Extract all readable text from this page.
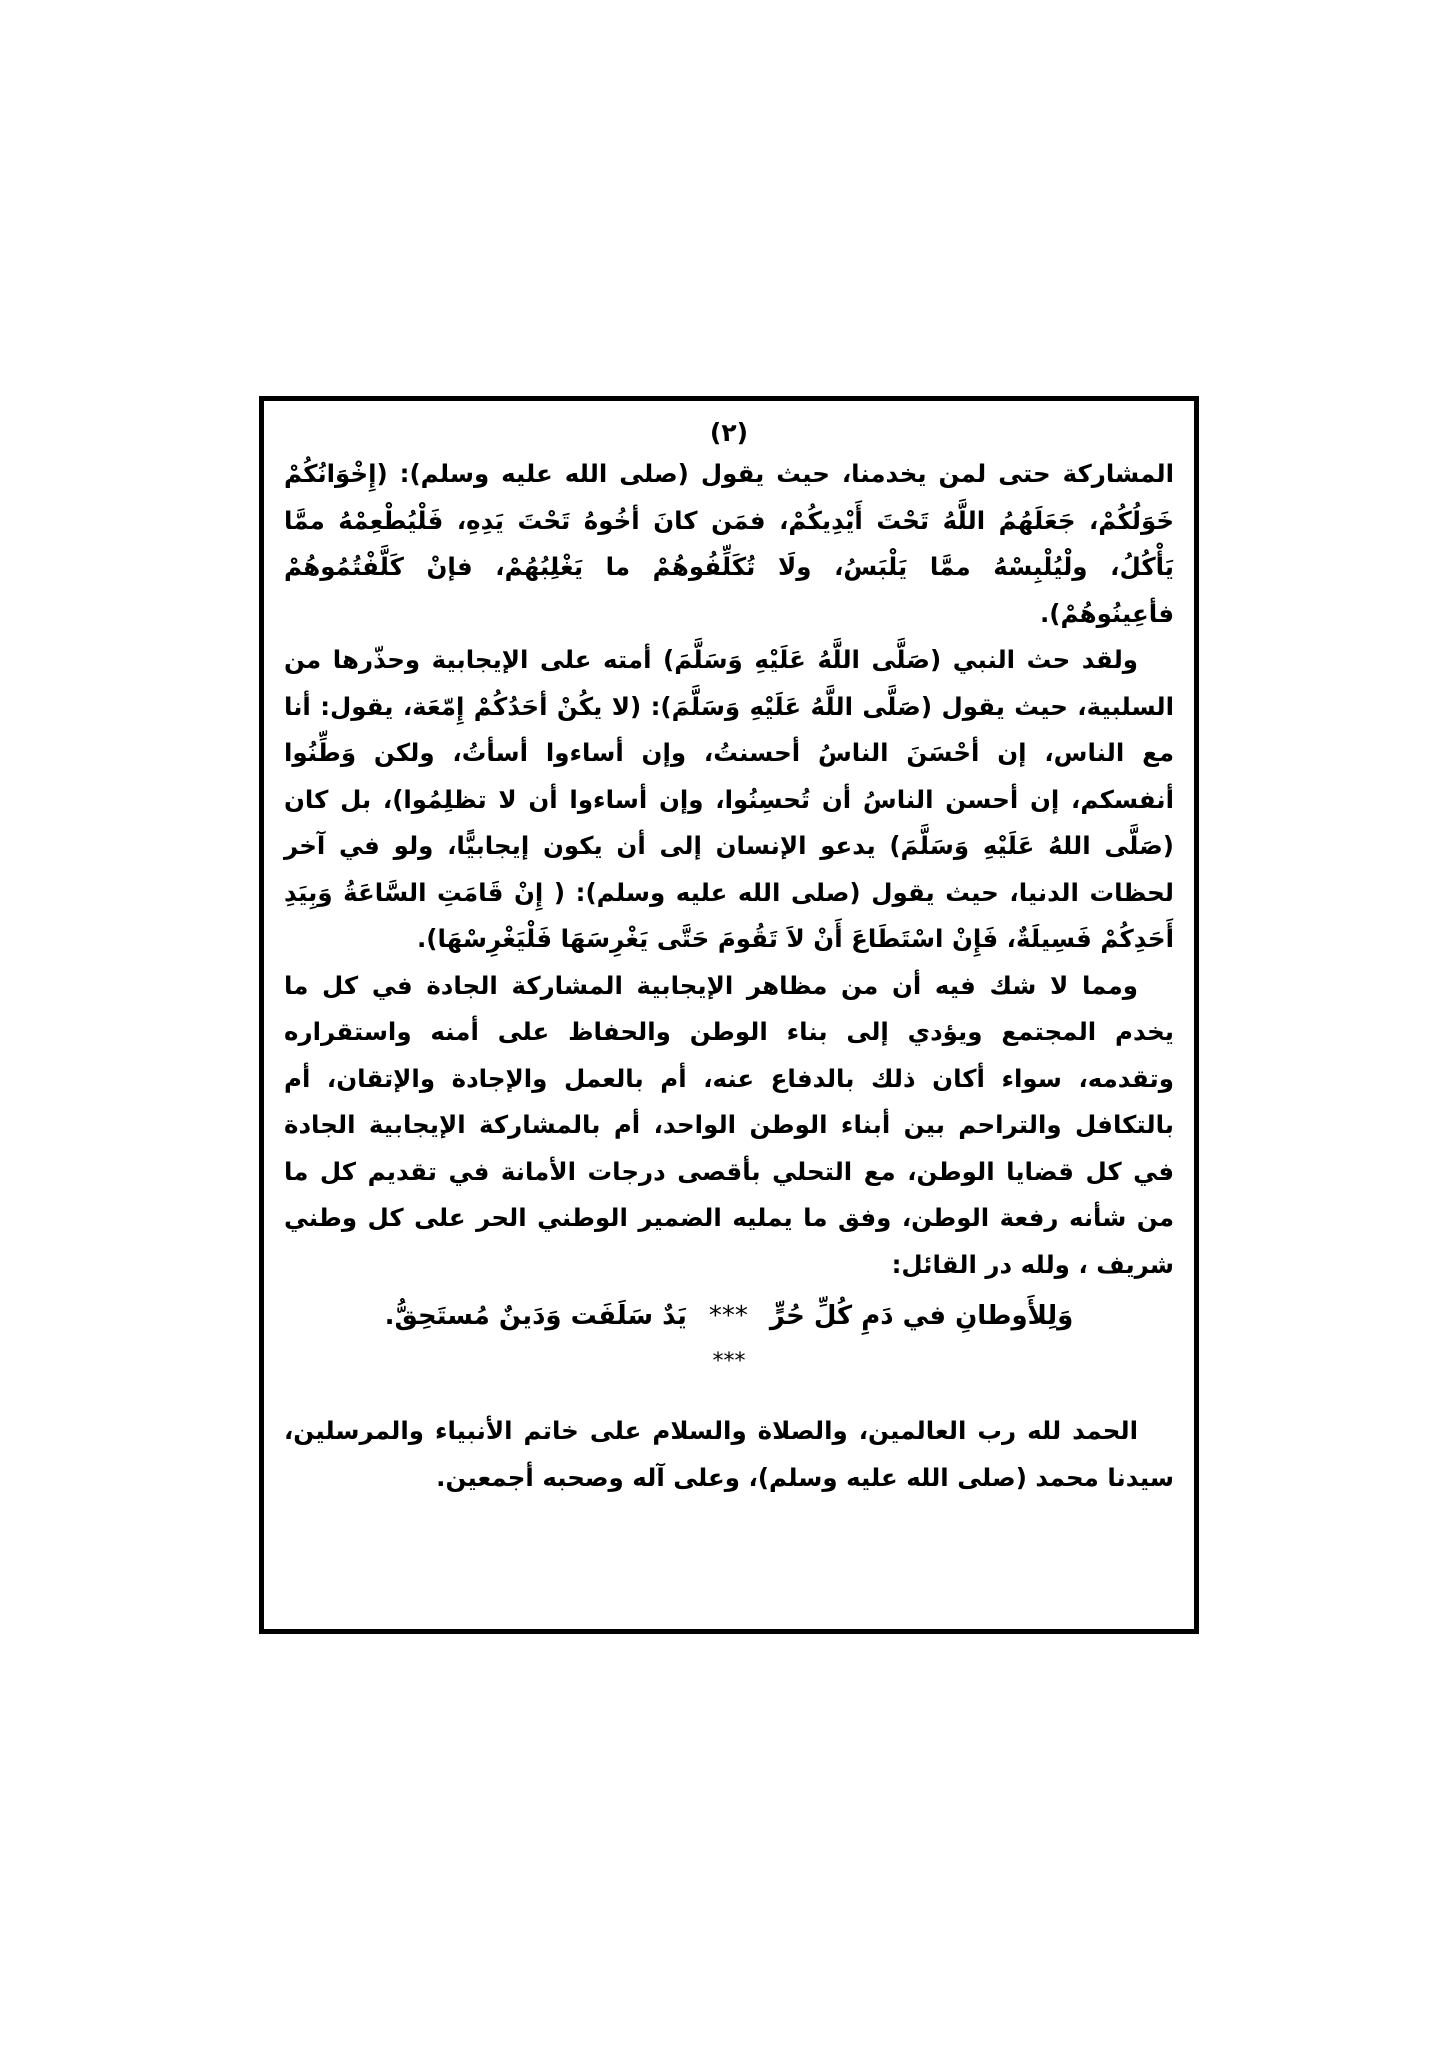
(٢)

المشاركة حتى لمن يخدمنا، حيث يقول (صلى الله عليه وسلم): (إِخْوَانُكُمْ خَوَلُكُمْ، جَعَلَهُمُ اللَّهُ تَحْتَ أَيْدِيكُمْ، فمَن كانَ أخُوهُ تَحْتَ يَدِهِ، فَلْيُطْعِمْهُ ممَّا يَأْكُلُ، ولْيُلْبِسْهُ ممَّا يَلْبَسُ، ولَا تُكَلِّفُوهُمْ ما يَغْلِبُهُمْ، فإنْ كَلَّفْتُمُوهُمْ فأعِينُوهُمْ).

ولقد حث النبي (صَلَّى اللَّهُ عَلَيْهِ وَسَلَّمَ) أمته على الإيجابية وحذّرها من السلبية، حيث يقول (صَلَّى اللَّهُ عَلَيْهِ وَسَلَّمَ): (لا يكُنْ أحَدُكُمْ إِمّعَة، يقول: أنا مع الناس، إن أحْسَنَ الناسُ أحسنتُ، وإن أساءوا أسأتُ، ولكن وَطِّنُوا أنفسكم، إن أحسن الناسُ أن تُحسِنُوا، وإن أساءوا أن لا تظلِمُوا)، بل كان (صَلَّى اللهُ عَلَيْهِ وَسَلَّمَ) يدعو الإنسان إلى أن يكون إيجابيًّا، ولو في آخر لحظات الدنيا، حيث يقول (صلى الله عليه وسلم): ( إِنْ قَامَتِ السَّاعَةُ وَبِيَدِ أَحَدِكُمْ فَسِيلَةٌ، فَإِنْ اسْتَطَاعَ أَنْ لاَ تَقُومَ حَتَّى يَغْرِسَهَا فَلْيَغْرِسْهَا).

ومما لا شك فيه أن من مظاهر الإيجابية المشاركة الجادة في كل ما يخدم المجتمع ويؤدي إلى بناء الوطن والحفاظ على أمنه واستقراره وتقدمه، سواء أكان ذلك بالدفاع عنه، أم بالعمل والإجادة والإتقان، أم بالتكافل والتراحم بين أبناء الوطن الواحد، أم بالمشاركة الإيجابية الجادة في كل قضايا الوطن، مع التحلي بأقصى درجات الأمانة في تقديم كل ما من شأنه رفعة الوطن، وفق ما يمليه الضمير الوطني الحر على كل وطني شريف ، ولله در القائل:

وَلِلأَوطانِ في دَمِ كُلِّ حُرٍّ***يَدٌ سَلَفَت وَدَينٌ مُستَحِقُّ.
***

الحمد لله رب العالمين، والصلاة والسلام على خاتم الأنبياء والمرسلين، سيدنا محمد (صلى الله عليه وسلم)، وعلى آله وصحبه أجمعين.
